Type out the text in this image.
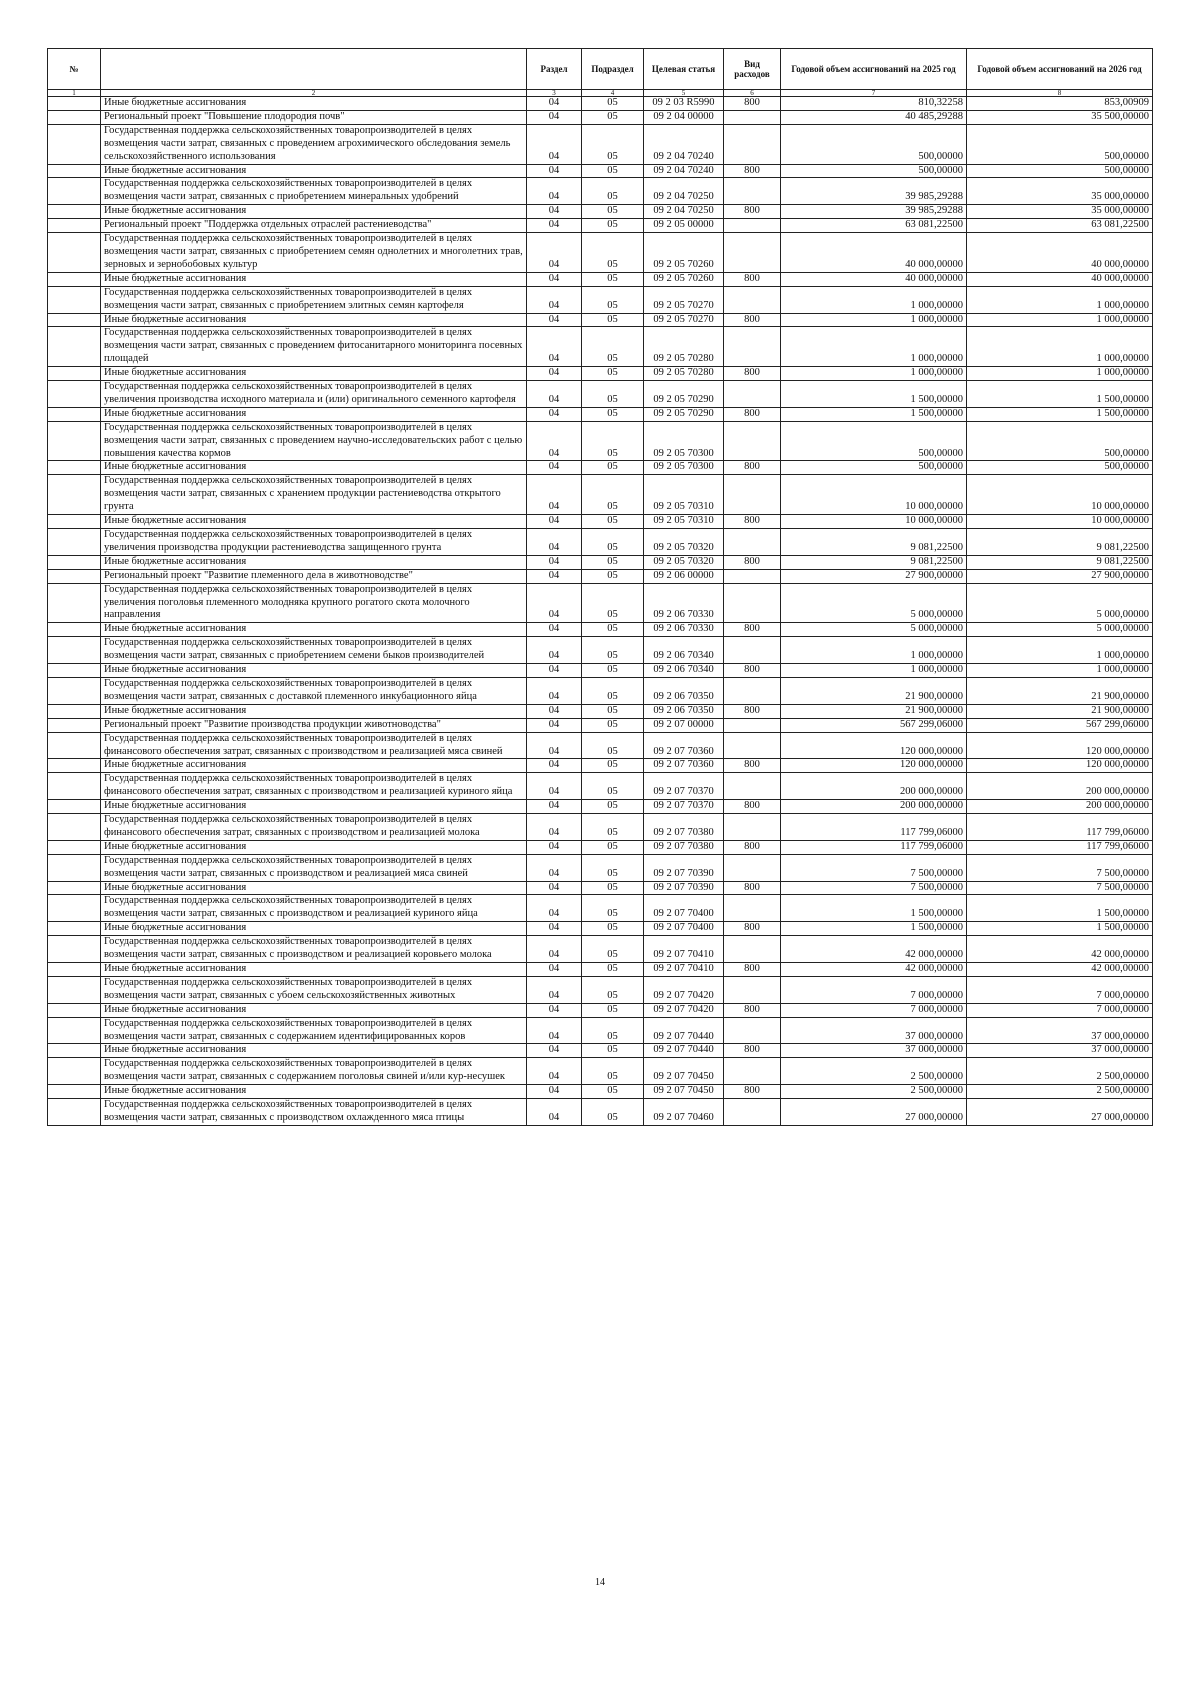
№		Раздел	Подраздел	Целевая статья	Вид расходов	Годовой объем ассигнований на 2025 год	Годовой объем ассигнований на 2026 год
1	2	3	4	5	6	7	8
	Иные бюджетные ассигнования	04	05	09 2 03 R5990	800	810,32258	853,00909
	Региональный проект "Повышение плодородия почв"	04	05	09 2 04 00000		40 485,29288	35 500,00000
	Государственная поддержка сельскохозяйственных товаропроизводителей в целях возмещения части затрат, связанных с проведением агрохимического обследования земель сельскохозяйственного использования	04	05	09 2 04 70240		500,00000	500,00000
	Иные бюджетные ассигнования	04	05	09 2 04 70240	800	500,00000	500,00000
	Государственная поддержка сельскохозяйственных товаропроизводителей в целях возмещения части затрат, связанных с приобретением минеральных удобрений	04	05	09 2 04 70250		39 985,29288	35 000,00000
	Иные бюджетные ассигнования	04	05	09 2 04 70250	800	39 985,29288	35 000,00000
	Региональный проект "Поддержка отдельных отраслей растениеводства"	04	05	09 2 05 00000		63 081,22500	63 081,22500
	Государственная поддержка сельскохозяйственных товаропроизводителей в целях возмещения части затрат, связанных с приобретением семян однолетних и многолетних трав, зерновых и зернобобовых культур	04	05	09 2 05 70260		40 000,00000	40 000,00000
	Иные бюджетные ассигнования	04	05	09 2 05 70260	800	40 000,00000	40 000,00000
	Государственная поддержка сельскохозяйственных товаропроизводителей в целях возмещения части затрат, связанных с приобретением элитных семян картофеля	04	05	09 2 05 70270		1 000,00000	1 000,00000
	Иные бюджетные ассигнования	04	05	09 2 05 70270	800	1 000,00000	1 000,00000
	Государственная поддержка сельскохозяйственных товаропроизводителей в целях возмещения части затрат, связанных с проведением фитосанитарного мониторинга посевных площадей	04	05	09 2 05 70280		1 000,00000	1 000,00000
	Иные бюджетные ассигнования	04	05	09 2 05 70280	800	1 000,00000	1 000,00000
	Государственная поддержка сельскохозяйственных товаропроизводителей в целях увеличения производства исходного материала и (или) оригинального семенного картофеля	04	05	09 2 05 70290		1 500,00000	1 500,00000
	Иные бюджетные ассигнования	04	05	09 2 05 70290	800	1 500,00000	1 500,00000
	Государственная поддержка сельскохозяйственных товаропроизводителей в целях возмещения части затрат, связанных с проведением научно-исследовательских работ с целью повышения качества кормов	04	05	09 2 05 70300		500,00000	500,00000
	Иные бюджетные ассигнования	04	05	09 2 05 70300	800	500,00000	500,00000
	Государственная поддержка сельскохозяйственных товаропроизводителей в целях возмещения части затрат, связанных с хранением продукции растениеводства открытого грунта	04	05	09 2 05 70310		10 000,00000	10 000,00000
	Иные бюджетные ассигнования	04	05	09 2 05 70310	800	10 000,00000	10 000,00000
	Государственная поддержка сельскохозяйственных товаропроизводителей в целях увеличения производства продукции растениеводства защищенного грунта	04	05	09 2 05 70320		9 081,22500	9 081,22500
	Иные бюджетные ассигнования	04	05	09 2 05 70320	800	9 081,22500	9 081,22500
	Региональный проект "Развитие племенного дела в животноводстве"	04	05	09 2 06 00000		27 900,00000	27 900,00000
	Государственная поддержка сельскохозяйственных товаропроизводителей в целях увеличения поголовья племенного молодняка крупного рогатого скота молочного направления	04	05	09 2 06 70330		5 000,00000	5 000,00000
	Иные бюджетные ассигнования	04	05	09 2 06 70330	800	5 000,00000	5 000,00000
	Государственная поддержка сельскохозяйственных товаропроизводителей в целях возмещения части затрат, связанных с приобретением семени быков производителей	04	05	09 2 06 70340		1 000,00000	1 000,00000
	Иные бюджетные ассигнования	04	05	09 2 06 70340	800	1 000,00000	1 000,00000
	Государственная поддержка сельскохозяйственных товаропроизводителей в целях возмещения части затрат, связанных с доставкой племенного инкубационного яйца	04	05	09 2 06 70350		21 900,00000	21 900,00000
	Иные бюджетные ассигнования	04	05	09 2 06 70350	800	21 900,00000	21 900,00000
	Региональный проект "Развитие производства продукции животноводства"	04	05	09 2 07 00000		567 299,06000	567 299,06000
	Государственная поддержка сельскохозяйственных товаропроизводителей в целях финансового обеспечения затрат, связанных с производством и реализацией мяса свиней	04	05	09 2 07 70360		120 000,00000	120 000,00000
	Иные бюджетные ассигнования	04	05	09 2 07 70360	800	120 000,00000	120 000,00000
	Государственная поддержка сельскохозяйственных товаропроизводителей в целях финансового обеспечения затрат, связанных с производством и реализацией куриного яйца	04	05	09 2 07 70370		200 000,00000	200 000,00000
	Иные бюджетные ассигнования	04	05	09 2 07 70370	800	200 000,00000	200 000,00000
	Государственная поддержка сельскохозяйственных товаропроизводителей в целях финансового обеспечения затрат, связанных с производством и реализацией молока	04	05	09 2 07 70380		117 799,06000	117 799,06000
	Иные бюджетные ассигнования	04	05	09 2 07 70380	800	117 799,06000	117 799,06000
	Государственная поддержка сельскохозяйственных товаропроизводителей в целях возмещения части затрат, связанных с производством и реализацией мяса свиней	04	05	09 2 07 70390		7 500,00000	7 500,00000
	Иные бюджетные ассигнования	04	05	09 2 07 70390	800	7 500,00000	7 500,00000
	Государственная поддержка сельскохозяйственных товаропроизводителей в целях возмещения части затрат, связанных с производством и реализацией куриного яйца	04	05	09 2 07 70400		1 500,00000	1 500,00000
	Иные бюджетные ассигнования	04	05	09 2 07 70400	800	1 500,00000	1 500,00000
	Государственная поддержка сельскохозяйственных товаропроизводителей в целях возмещения части затрат, связанных с производством и реализацией коровьего молока	04	05	09 2 07 70410		42 000,00000	42 000,00000
	Иные бюджетные ассигнования	04	05	09 2 07 70410	800	42 000,00000	42 000,00000
	Государственная поддержка сельскохозяйственных товаропроизводителей в целях возмещения части затрат, связанных с убоем сельскохозяйственных животных	04	05	09 2 07 70420		7 000,00000	7 000,00000
	Иные бюджетные ассигнования	04	05	09 2 07 70420	800	7 000,00000	7 000,00000
	Государственная поддержка сельскохозяйственных товаропроизводителей в целях возмещения части затрат, связанных с содержанием идентифицированных коров	04	05	09 2 07 70440		37 000,00000	37 000,00000
	Иные бюджетные ассигнования	04	05	09 2 07 70440	800	37 000,00000	37 000,00000
	Государственная поддержка сельскохозяйственных товаропроизводителей в целях возмещения части затрат, связанных с содержанием поголовья свиней и/или кур-несушек	04	05	09 2 07 70450		2 500,00000	2 500,00000
	Иные бюджетные ассигнования	04	05	09 2 07 70450	800	2 500,00000	2 500,00000
	Государственная поддержка сельскохозяйственных товаропроизводителей в целях возмещения части затрат, связанных с производством охлажденного мяса птицы	04	05	09 2 07 70460		27 000,00000	27 000,00000
14
